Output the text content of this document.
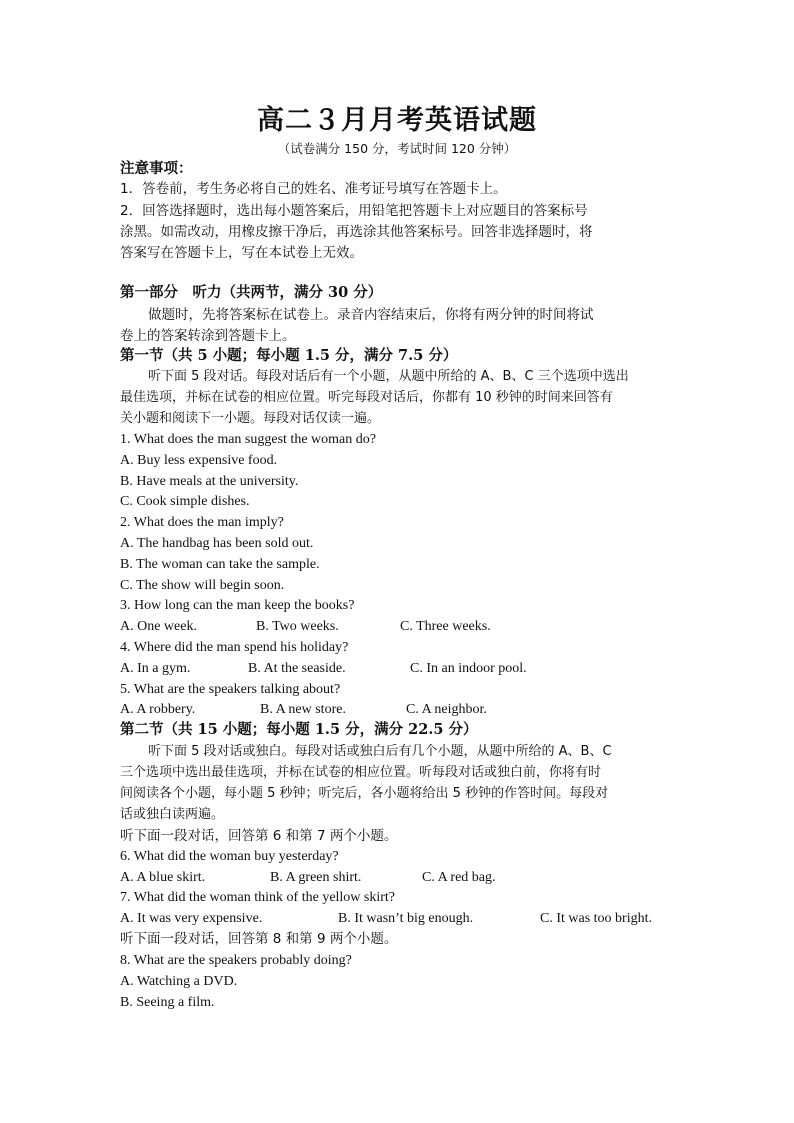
高二３月月考英语试题
（试卷满分 150 分，考试时间 120 分钟）
注意事项：
1．答卷前，考生务必将自己的姓名、准考证号填写在答题卡上。
2．回答选择题时，选出每小题答案后，用铅笔把答题卡上对应题目的答案标号
涂黑。如需改动，用橡皮擦干净后，再选涂其他答案标号。回答非选择题时，将
答案写在答题卡上，写在本试卷上无效。
第一部分　听力（共两节，满分 30 分）
做题时，先将答案标在试卷上。录音内容结束后，你将有两分钟的时间将试
卷上的答案转涂到答题卡上。
第一节（共 5 小题；每小题 1.5 分，满分 7.5 分）
听下面 5 段对话。每段对话后有一个小题，从题中所给的 A、B、C 三个选项中选出
最佳选项，并标在试卷的相应位置。听完每段对话后，你都有 10 秒钟的时间来回答有
关小题和阅读下一小题。每段对话仅读一遍。
1. What does the man suggest the woman do?
A. Buy less expensive food.
B. Have meals at the university.
C. Cook simple dishes.
2. What does the man imply?
A. The handbag has been sold out.
B. The woman can take the sample.
C. The show will begin soon.
3. How long can the man keep the books?
A. One week.	B. Two weeks.	C. Three weeks.
4. Where did the man spend his holiday?
A. In a gym.	B. At the seaside.	C. In an indoor pool.
5. What are the speakers talking about?
A. A robbery.	B. A new store.	C. A neighbor.
第二节（共 15 小题；每小题 1.5 分，满分 22.5 分）
听下面 5 段对话或独白。每段对话或独白后有几个小题，从题中所给的 A、B、C
三个选项中选出最佳选项，并标在试卷的相应位置。听每段对话或独白前，你将有时
间阅读各个小题，每小题 5 秒钟；听完后，各小题将给出 5 秒钟的作答时间。每段对
话或独白读两遍。
听下面一段对话，回答第 6 和第 7 两个小题。
6. What did the woman buy yesterday?
A. A blue skirt.	B. A green shirt.	C. A red bag.
7. What did the woman think of the yellow skirt?
A. It was very expensive.	B. It wasn’t big enough.	C. It was too bright.
听下面一段对话，回答第 8 和第 9 两个小题。
8. What are the speakers probably doing?
A. Watching a DVD.
B. Seeing a film.
